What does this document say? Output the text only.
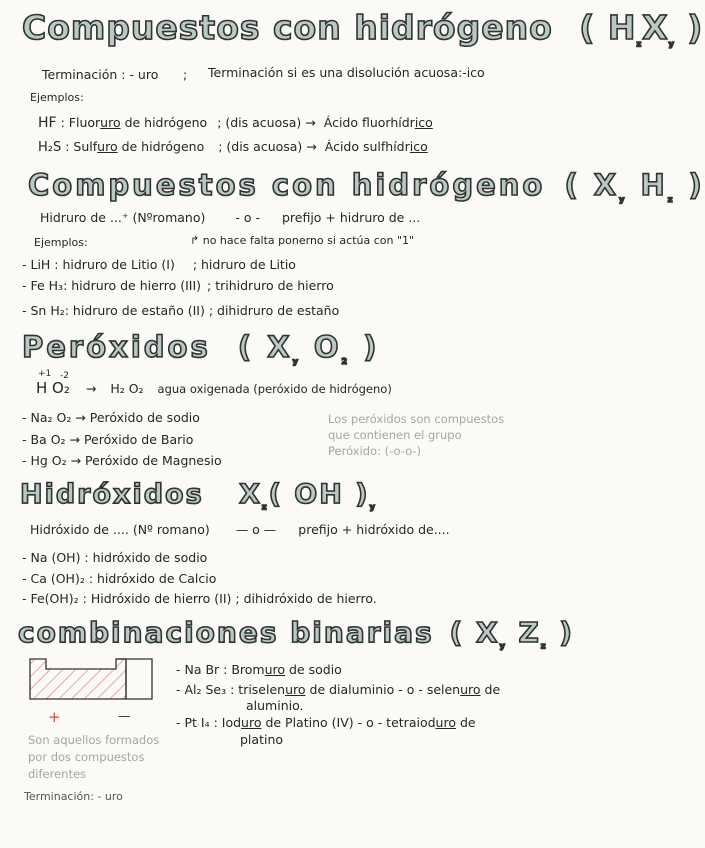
Compuestos con hidrógeno ( $H_zX_y$ )
Terminación : - uro ; Terminación si es una disolución acuosa:-ico
Ejemplos:
HF : Fluoruro de hidrógeno ; (dis acuosa) → Ácido fluorhídrico
H₂S : Sulfuro de hidrógeno ; (dis acuosa) → Ácido sulfhídrico
Compuestos con hidrógeno ( $X_y$ $H_z$ )
Hidruro de ...⁺ (Nºromano) - o - prefijo + hidruro de ...
Ejemplos:	↱ no hace falta ponerno si actúa con "1"
- LiH : hidruro de Litio (I) ; hidruro de Litio
- Fe H₃: hidruro de hierro (III) ; trihidruro de hierro
- Sn H₂: hidruro de estaño (II) ; dihidruro de estaño
Peróxidos ( $X_y$ $O_2$ )
+1 -2
H O₂ → H₂ O₂ agua oxigenada (peróxido de hidrógeno)
- Na₂ O₂ → Peróxido de sodio
- Ba O₂ → Peróxido de Bario
- Hg O₂ → Peróxido de Magnesio
Los peróxidos son compuestos
que contienen el grupo
Peróxido: (-o-o-)
Hidróxidos $X_z$( OH )$_y$
Hidróxido de .... (Nº romano) — o — prefijo + hidróxido de....
- Na (OH) : hidróxido de sodio
- Ca (OH)₂ : hidróxido de Calcio
- Fe(OH)₂ : Hidróxido de hierro (II) ; dihidróxido de hierro.
combinaciones binarias ( $X_y$ $Z_z$ )
+	—
Son aquellos formados
por dos compuestos
diferentes
Terminación: - uro
- Na Br : Bromuro de sodio
- Al₂ Se₃ : triselenuro de dialuminio - o - selenuro de
aluminio.
- Pt I₄ : Ioduro de Platino (IV) - o - tetraioduro de
platino
